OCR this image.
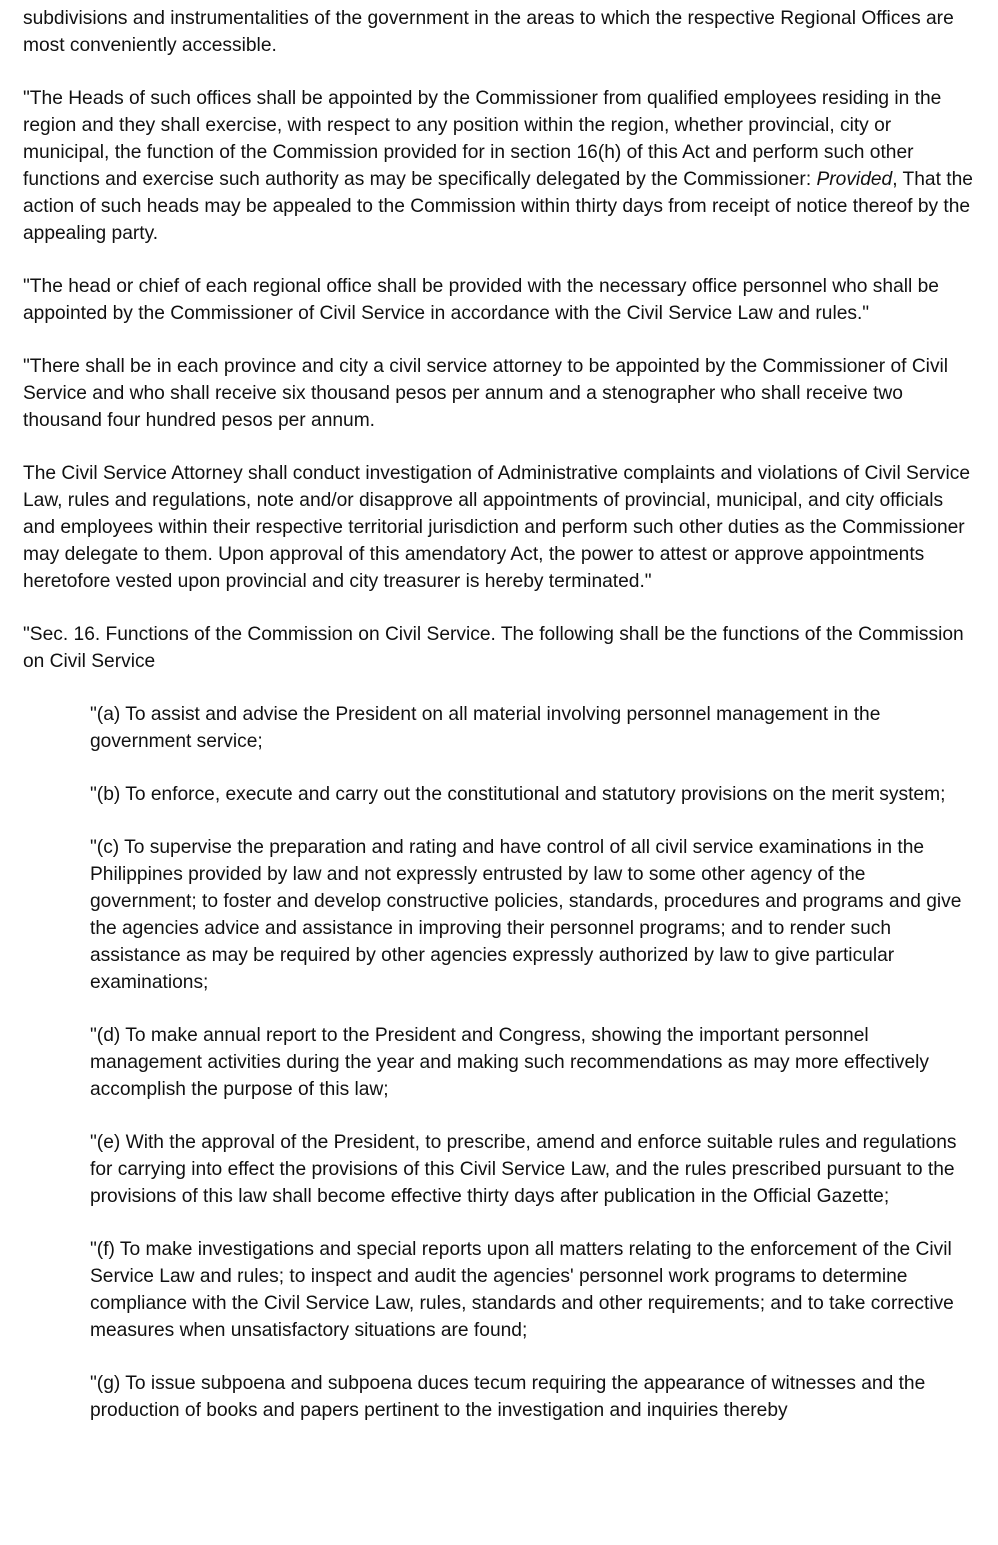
subdivisions and instrumentalities of the government in the areas to which the respective Regional Offices are most conveniently accessible.

"The Heads of such offices shall be appointed by the Commissioner from qualified employees residing in the region and they shall exercise, with respect to any position within the region, whether provincial, city or municipal, the function of the Commission provided for in section 16(h) of this Act and perform such other functions and exercise such authority as may be specifically delegated by the Commissioner: Provided, That the action of such heads may be appealed to the Commission within thirty days from receipt of notice thereof by the appealing party.

"The head or chief of each regional office shall be provided with the necessary office personnel who shall be appointed by the Commissioner of Civil Service in accordance with the Civil Service Law and rules."

"There shall be in each province and city a civil service attorney to be appointed by the Commissioner of Civil Service and who shall receive six thousand pesos per annum and a stenographer who shall receive two thousand four hundred pesos per annum.

The Civil Service Attorney shall conduct investigation of Administrative complaints and violations of Civil Service Law, rules and regulations, note and/or disapprove all appointments of provincial, municipal, and city officials and employees within their respective territorial jurisdiction and perform such other duties as the Commissioner may delegate to them. Upon approval of this amendatory Act, the power to attest or approve appointments heretofore vested upon provincial and city treasurer is hereby terminated."

"Sec. 16. Functions of the Commission on Civil Service. The following shall be the functions of the Commission on Civil Service

"(a) To assist and advise the President on all material involving personnel management in the government service;

"(b) To enforce, execute and carry out the constitutional and statutory provisions on the merit system;

"(c) To supervise the preparation and rating and have control of all civil service examinations in the Philippines provided by law and not expressly entrusted by law to some other agency of the government; to foster and develop constructive policies, standards, procedures and programs and give the agencies advice and assistance in improving their personnel programs; and to render such assistance as may be required by other agencies expressly authorized by law to give particular examinations;

"(d) To make annual report to the President and Congress, showing the important personnel management activities during the year and making such recommendations as may more effectively accomplish the purpose of this law;

"(e) With the approval of the President, to prescribe, amend and enforce suitable rules and regulations for carrying into effect the provisions of this Civil Service Law, and the rules prescribed pursuant to the provisions of this law shall become effective thirty days after publication in the Official Gazette;

"(f) To make investigations and special reports upon all matters relating to the enforcement of the Civil Service Law and rules; to inspect and audit the agencies' personnel work programs to determine compliance with the Civil Service Law, rules, standards and other requirements; and to take corrective measures when unsatisfactory situations are found;

"(g) To issue subpoena and subpoena duces tecum requiring the appearance of witnesses and the production of books and papers pertinent to the investigation and inquiries thereby
